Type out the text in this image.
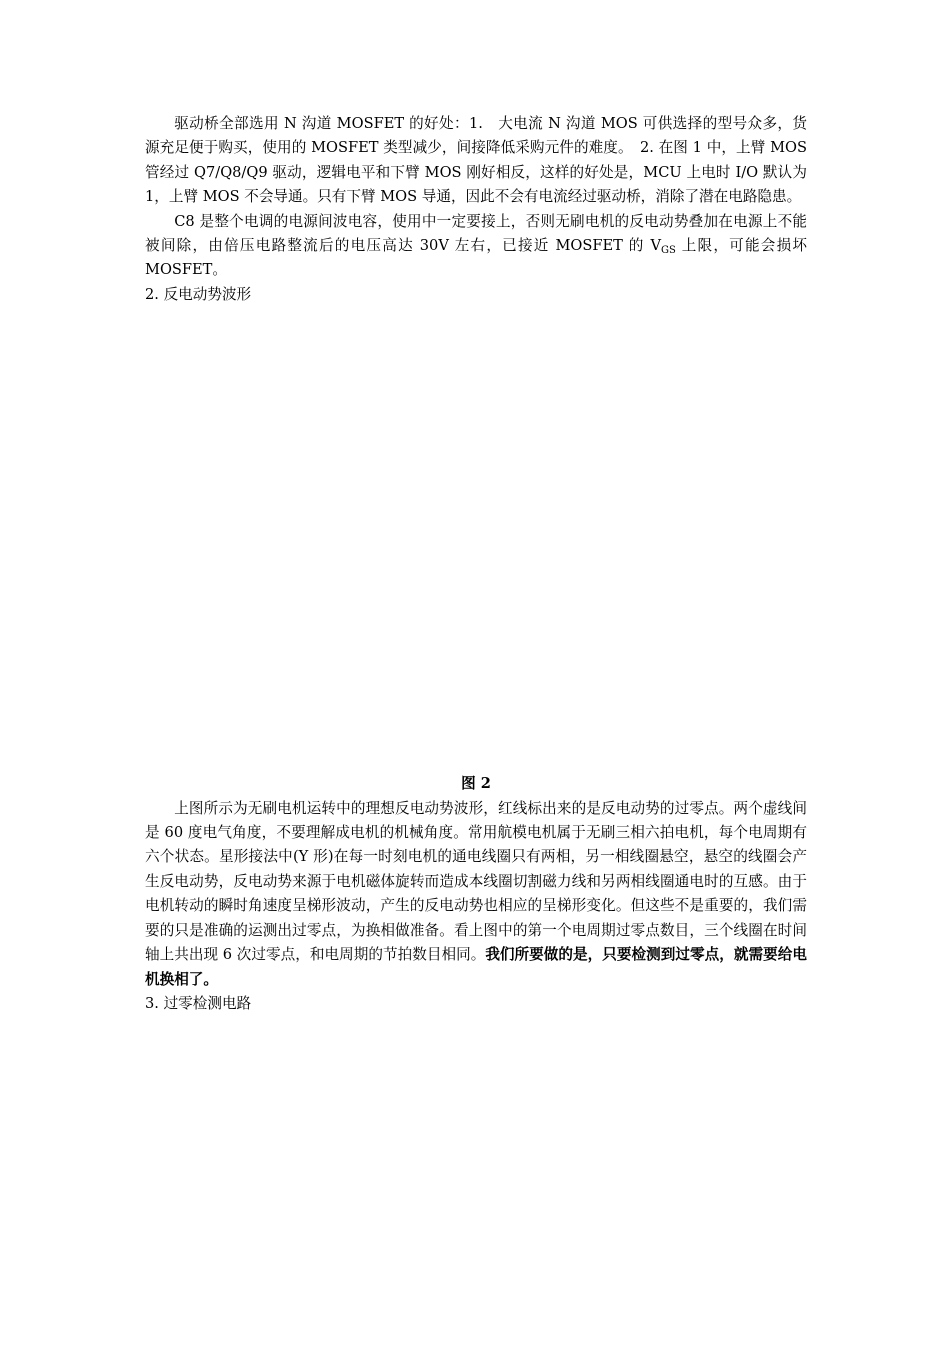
驱动桥全部选用 N 沟道 MOSFET 的好处：1.　大电流 N 沟道 MOS 可供选择的型号众多，货源充足便于购买，使用的 MOSFET 类型减少，间接降低采购元件的难度。　2. 在图 1 中，上臂 MOS 管经过 Q7/Q8/Q9 驱动，逻辑电平和下臂 MOS 刚好相反，这样的好处是，MCU 上电时 I/O 默认为 1，上臂 MOS 不会导通。只有下臂 MOS 导通，因此不会有电流经过驱动桥，消除了潜在电路隐患。

C8 是整个电调的电源间波电容，使用中一定要接上，否则无刷电机的反电动势叠加在电源上不能被间除，由倍压电路整流后的电压高达 30V 左右，已接近 MOSFET 的 $V_{GS}$ 上限，可能会损坏 MOSFET。

2. 反电动势波形

图 2

上图所示为无刷电机运转中的理想反电动势波形，红线标出来的是反电动势的过零点。两个虚线间是 60 度电气角度，不要理解成电机的机械角度。常用航模电机属于无刷三相六拍电机，每个电周期有六个状态。星形接法中(Y 形)在每一时刻电机的通电线圈只有两相，另一相线圈悬空，悬空的线圈会产生反电动势，反电动势来源于电机磁体旋转而造成本线圈切割磁力线和另两相线圈通电时的互感。由于电机转动的瞬时角速度呈梯形波动，产生的反电动势也相应的呈梯形变化。但这些不是重要的，我们需要的只是准确的运测出过零点，为换相做准备。看上图中的第一个电周期过零点数目，三个线圈在时间轴上共出现 6 次过零点，和电周期的节拍数目相同。我们所要做的是，只要检测到过零点，就需要给电机换相了。

3. 过零检测电路
